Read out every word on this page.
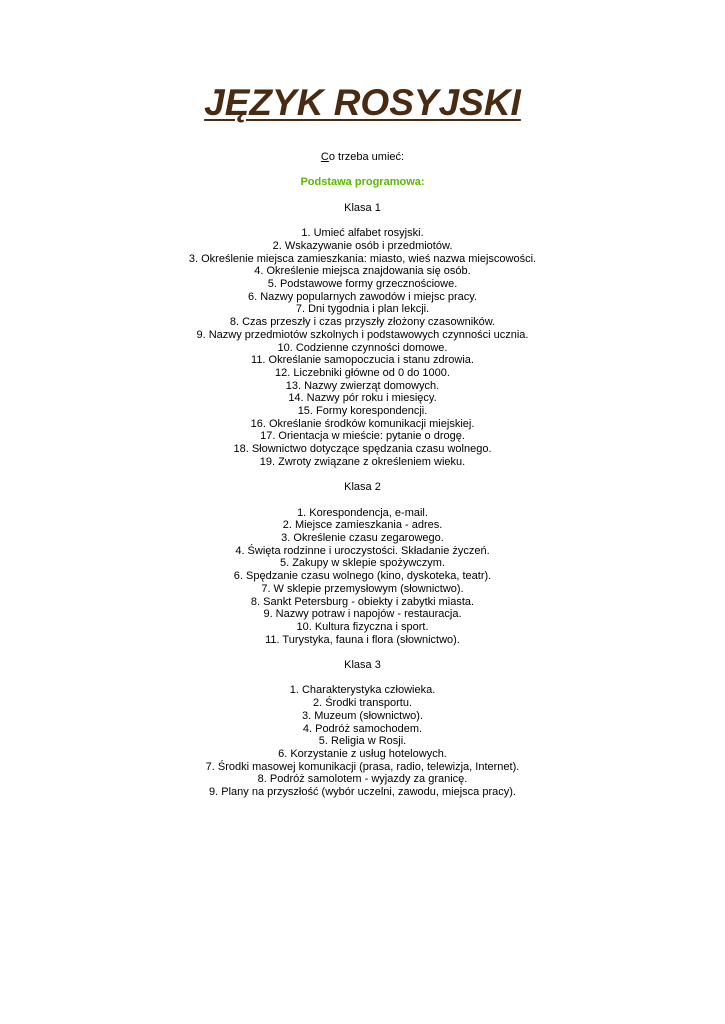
JĘZYK ROSYJSKI
Co trzeba umieć:
Podstawa programowa:
Klasa 1
1. Umieć alfabet rosyjski.
2. Wskazywanie osób i przedmiotów.
3. Określenie miejsca zamieszkania: miasto, wieś nazwa miejscowości.
4. Określenie miejsca znajdowania się osób.
5. Podstawowe formy grzecznościowe.
6. Nazwy popularnych zawodów i miejsc pracy.
7. Dni tygodnia i plan lekcji.
8. Czas przeszły i czas przyszły złożony czasowników.
9. Nazwy przedmiotów szkolnych i podstawowych czynności ucznia.
10. Codzienne czynności domowe.
11. Określanie samopoczucia i stanu zdrowia.
12. Liczebniki główne od 0 do 1000.
13. Nazwy zwierząt domowych.
14. Nazwy pór roku i miesięcy.
15. Formy korespondencji.
16. Określanie środków komunikacji miejskiej.
17. Orientacja w mieście: pytanie o drogę.
18. Słownictwo dotyczące spędzania czasu wolnego.
19. Zwroty związane z określeniem wieku.
Klasa 2
1. Korespondencja, e-mail.
2. Miejsce zamieszkania - adres.
3. Określenie czasu zegarowego.
4. Święta rodzinne i uroczystości. Składanie życzeń.
5. Zakupy w sklepie spożywczym.
6. Spędzanie czasu wolnego (kino, dyskoteka, teatr).
7. W sklepie przemysłowym (słownictwo).
8. Sankt Petersburg - obiekty i zabytki miasta.
9. Nazwy potraw i napojów - restauracja.
10. Kultura fizyczna i sport.
11. Turystyka, fauna i flora (słownictwo).
Klasa 3
1. Charakterystyka człowieka.
2. Środki transportu.
3. Muzeum (słownictwo).
4. Podróż samochodem.
5. Religia w Rosji.
6. Korzystanie z usług hotelowych.
7. Środki masowej komunikacji (prasa, radio, telewizja, Internet).
8. Podróż samolotem - wyjazdy za granicę.
9. Plany na przyszłość (wybór uczelni, zawodu, miejsca pracy).
